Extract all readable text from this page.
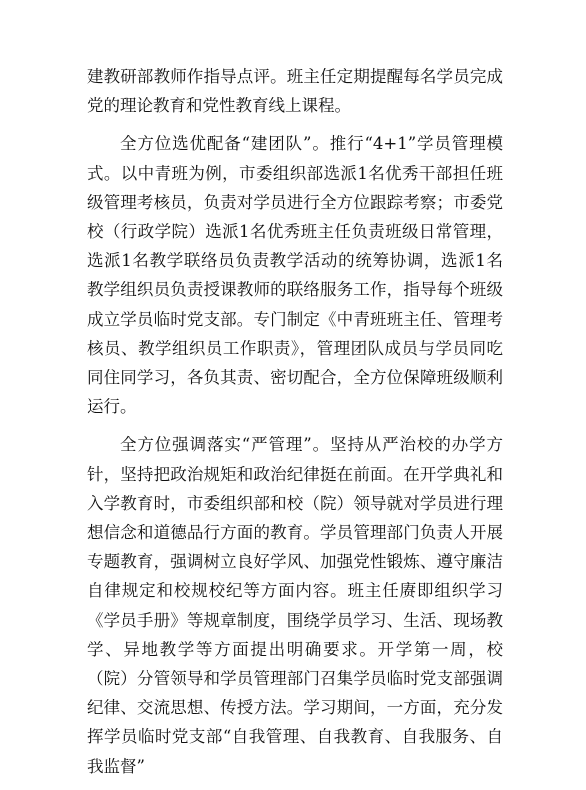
建教研部教师作指导点评。班主任定期提醒每名学员完成党的理论教育和党性教育线上课程。

全方位选优配备“建团队”。推行“4+1”学员管理模式。以中青班为例，市委组织部选派1名优秀干部担任班级管理考核员，负责对学员进行全方位跟踪考察；市委党校（行政学院）选派1名优秀班主任负责班级日常管理，选派1名教学联络员负责教学活动的统筹协调，选派1名教学组织员负责授课教师的联络服务工作，指导每个班级成立学员临时党支部。专门制定《中青班班主任、管理考核员、教学组织员工作职责》，管理团队成员与学员同吃同住同学习，各负其责、密切配合，全方位保障班级顺利运行。

全方位强调落实“严管理”。坚持从严治校的办学方针，坚持把政治规矩和政治纪律挺在前面。在开学典礼和入学教育时，市委组织部和校（院）领导就对学员进行理想信念和道德品行方面的教育。学员管理部门负责人开展专题教育，强调树立良好学风、加强党性锻炼、遵守廉洁自律规定和校规校纪等方面内容。班主任赓即组织学习《学员手册》等规章制度，围绕学员学习、生活、现场教学、异地教学等方面提出明确要求。开学第一周，校（院）分管领导和学员管理部门召集学员临时党支部强调纪律、交流思想、传授方法。学习期间，一方面，充分发挥学员临时党支部“自我管理、自我教育、自我服务、自我监督”
